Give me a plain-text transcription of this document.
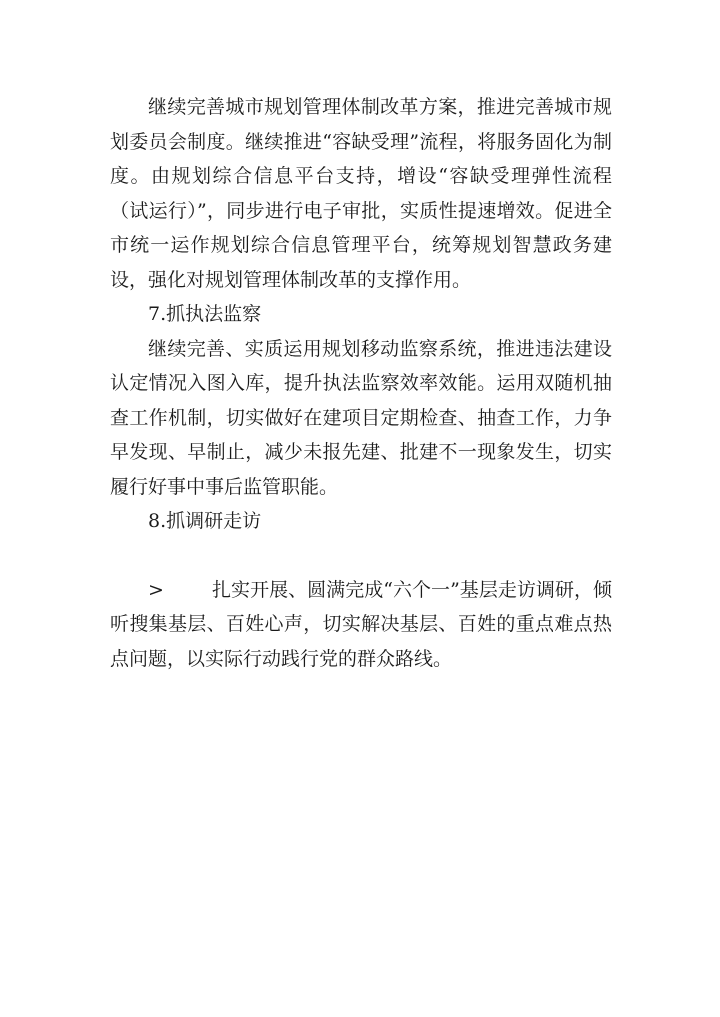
继续完善城市规划管理体制改革方案，推进完善城市规划委员会制度。继续推进“容缺受理”流程，将服务固化为制度。由规划综合信息平台支持，增设“容缺受理弹性流程（试运行）”，同步进行电子审批，实质性提速增效。促进全市统一运作规划综合信息管理平台，统筹规划智慧政务建设，强化对规划管理体制改革的支撑作用。

7.抓执法监察

继续完善、实质运用规划移动监察系统，推进违法建设认定情况入图入库，提升执法监察效率效能。运用双随机抽查工作机制，切实做好在建项目定期检查、抽查工作，力争早发现、早制止，减少未报先建、批建不一现象发生，切实履行好事中事后监管职能。

8.抓调研走访

>	扎实开展、圆满完成“六个一”基层走访调研，倾听搜集基层、百姓心声，切实解决基层、百姓的重点难点热点问题，以实际行动践行党的群众路线。
